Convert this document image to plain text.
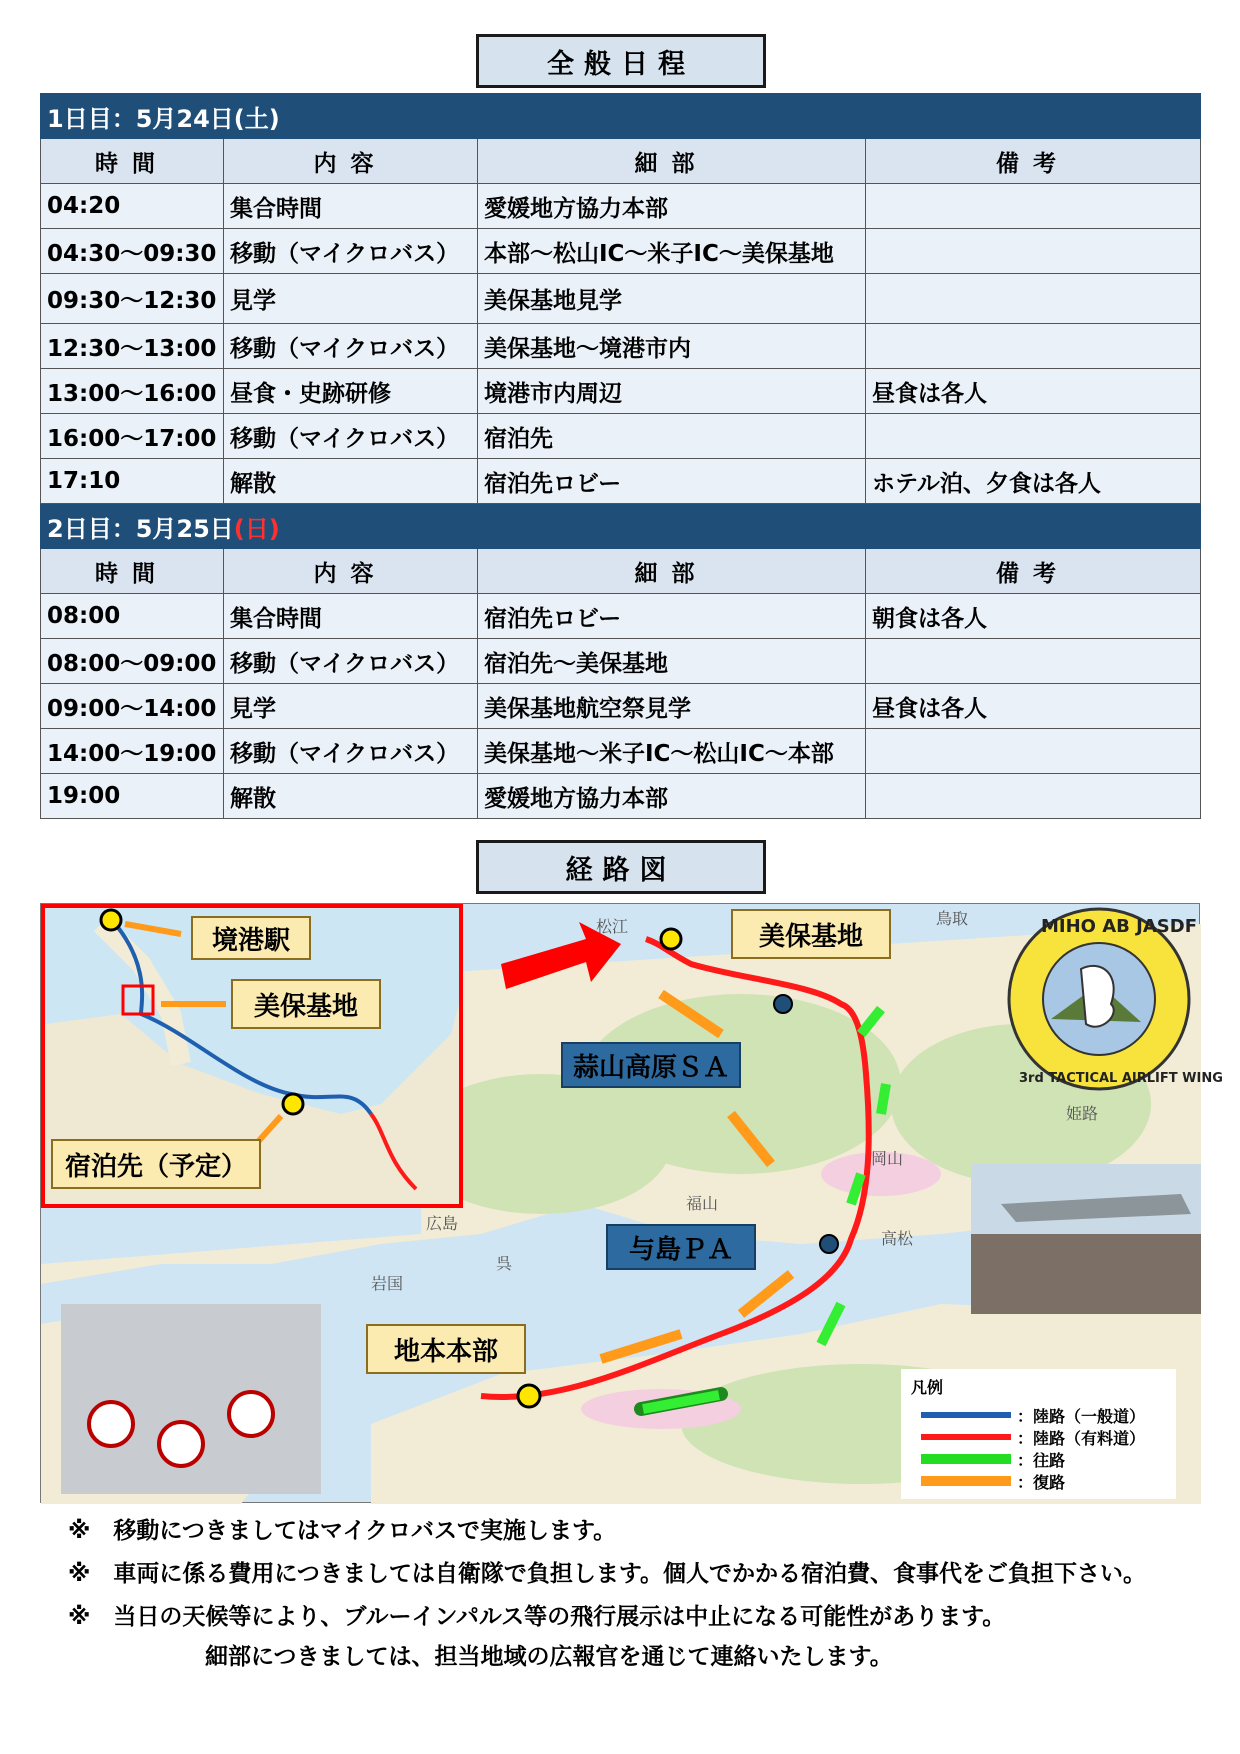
全般日程
1日目：5月24日(土)			
時間	内容	細部	備考
04:20	集合時間	愛媛地方協力本部	
04:30～09:30	移動（マイクロバス）	本部～松山IC～米子IC～美保基地	
09:30～12:30	見学	美保基地見学	
12:30～13:00	移動（マイクロバス）	美保基地～境港市内	
13:00～16:00	昼食・史跡研修	境港市内周辺	昼食は各人
16:00～17:00	移動（マイクロバス）	宿泊先	
17:10	解散	宿泊先ロビー	ホテル泊、夕食は各人
2日目：5月25日(日)			
時間	内容	細部	備考
08:00	集合時間	宿泊先ロビー	朝食は各人
08:00～09:00	移動（マイクロバス）	宿泊先～美保基地	
09:00～14:00	見学	美保基地航空祭見学	昼食は各人
14:00～19:00	移動（マイクロバス）	美保基地～米子IC～松山IC～本部	
19:00	解散	愛媛地方協力本部	
経路図
松江	鳥取
姫路
岡山
福山
広島
呉
高松
岩国
MIHO AB JASDF
3rd TACTICAL AIRLIFT WING
境港駅
美保基地
宿泊先（予定）
美保基地
蒜山高原ＳＡ
与島ＰＡ
地本本部
凡例
：陸路（一般道）
：陸路（有料道）
：往路
：復路
※　移動につきましてはマイクロバスで実施します。
※　車両に係る費用につきましては自衛隊で負担します。個人でかかる宿泊費、食事代をご負担下さい。
※　当日の天候等により、ブルーインパルス等の飛行展示は中止になる可能性があります。
細部につきましては、担当地域の広報官を通じて連絡いたします。
